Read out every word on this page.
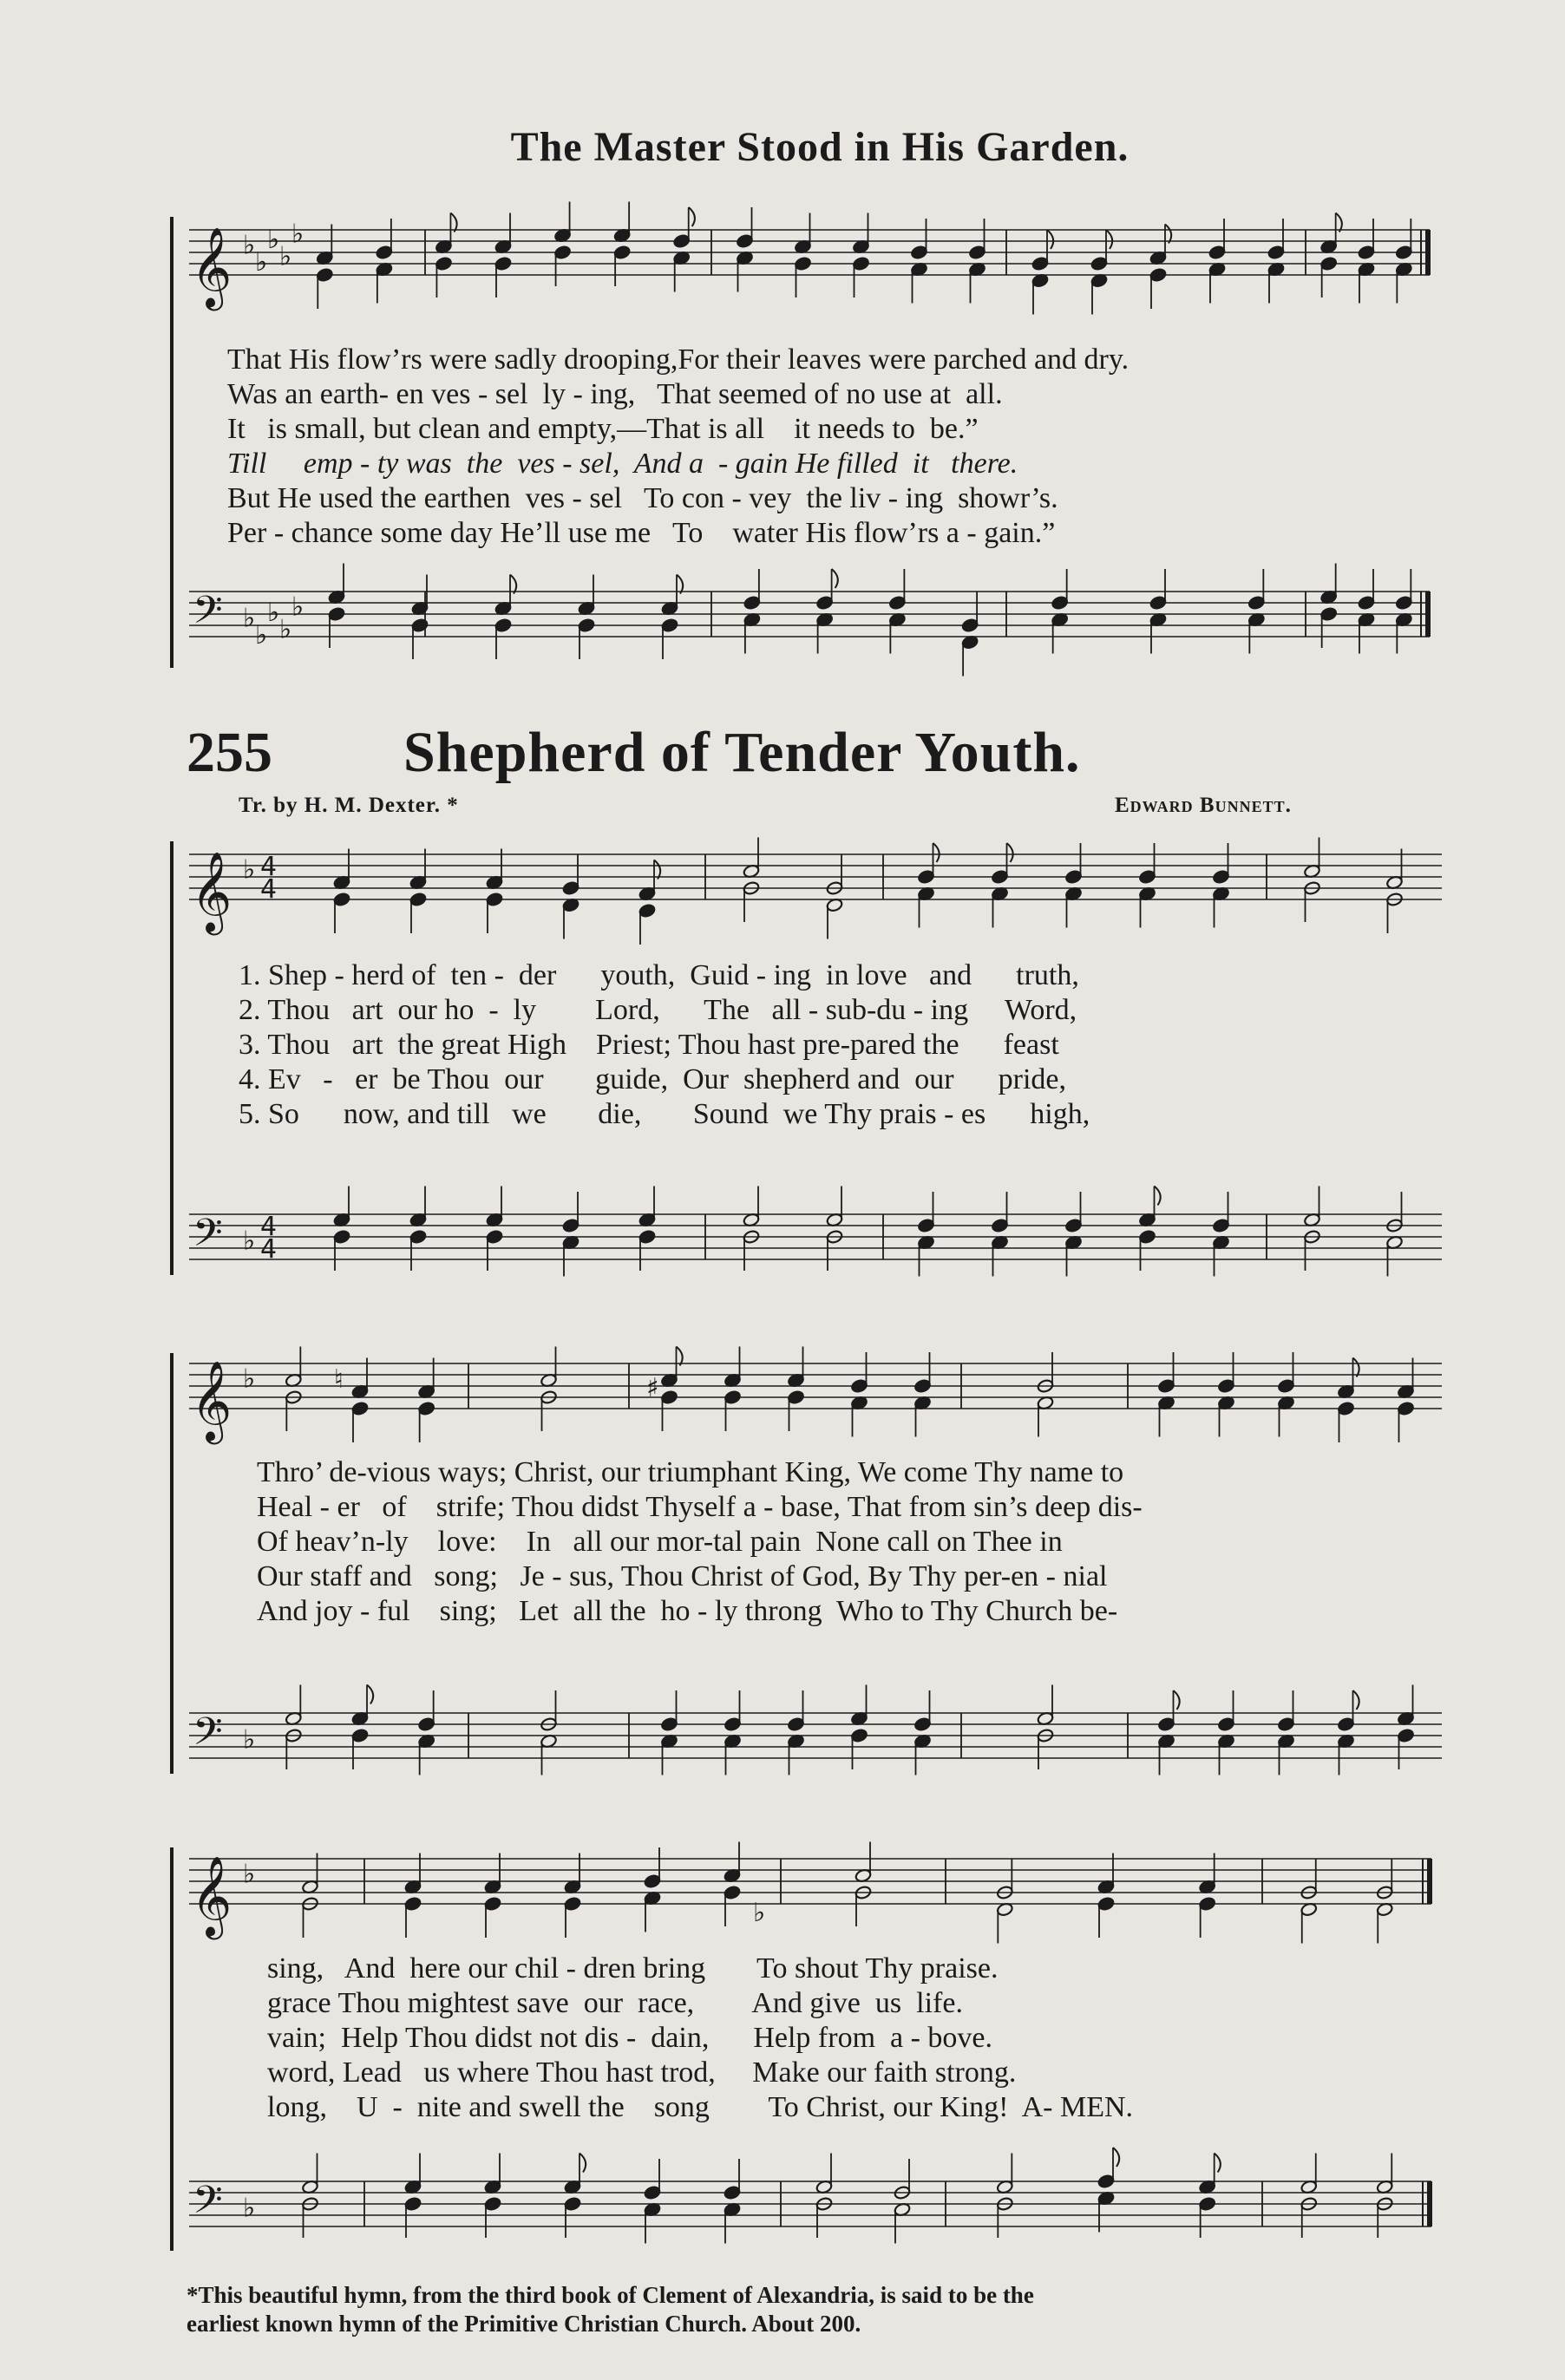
The Master Stood in His Garden.
255 Shepherd of Tender Youth.
Tr. by H. M. Dexter. *	Edward Bunnett.
𝄞 ♭
♭
♭
♭
♭
𝄢 ♭
♭
♭
♭
♭
𝄞 ♭ 4
4
𝄢 ♭ 4
4
𝄞 ♭	♯
♮
𝄢 ♭
𝄞 ♭
♭
𝄢 ♭
That His flow’rs were sadly drooping,For their leaves were parched and dry.
Was an earth- en ves - sel  ly - ing,   That seemed of no use at  all.
It   is small, but clean and empty,—That is all    it needs to  be.”
Till     emp - ty was  the  ves - sel,  And a  - gain He filled  it   there.
But He used the earthen  ves - sel   To con - vey  the liv - ing  showr’s.
Per - chance some day He’ll use me   To    water His flow’rs a - gain.”
1. Shep - herd of  ten -  der      youth,  Guid - ing  in love   and      truth,
2. Thou   art  our ho  -  ly        Lord,      The   all - sub-du - ing     Word,
3. Thou   art  the great High    Priest; Thou hast pre-pared the      feast
4. Ev   -   er  be Thou  our       guide,  Our  shepherd and  our      pride,
5. So      now, and till   we       die,       Sound  we Thy prais - es      high,
Thro’ de-vious ways; Christ, our triumphant King, We come Thy name to
Heal - er   of    strife; Thou didst Thyself a - base, That from sin’s deep dis-
Of heav’n-ly    love:    In   all our mor-tal pain  None call on Thee in
Our staff and   song;   Je - sus, Thou Christ of God, By Thy per-en - nial
And joy - ful    sing;   Let  all the  ho - ly throng  Who to Thy Church be-
sing,   And  here our chil - dren bring       To shout Thy praise.
grace Thou mightest save  our  race,        And give  us  life.
vain;  Help Thou didst not dis -  dain,      Help from  a - bove.
word, Lead   us where Thou hast trod,     Make our faith strong.
long,    U  -  nite and swell the    song        To Christ, our King!  A- MEN.
*This beautiful hymn, from the third book of Clement of Alexandria, is said to be the
earliest known hymn of the Primitive Christian Church. About 200.
